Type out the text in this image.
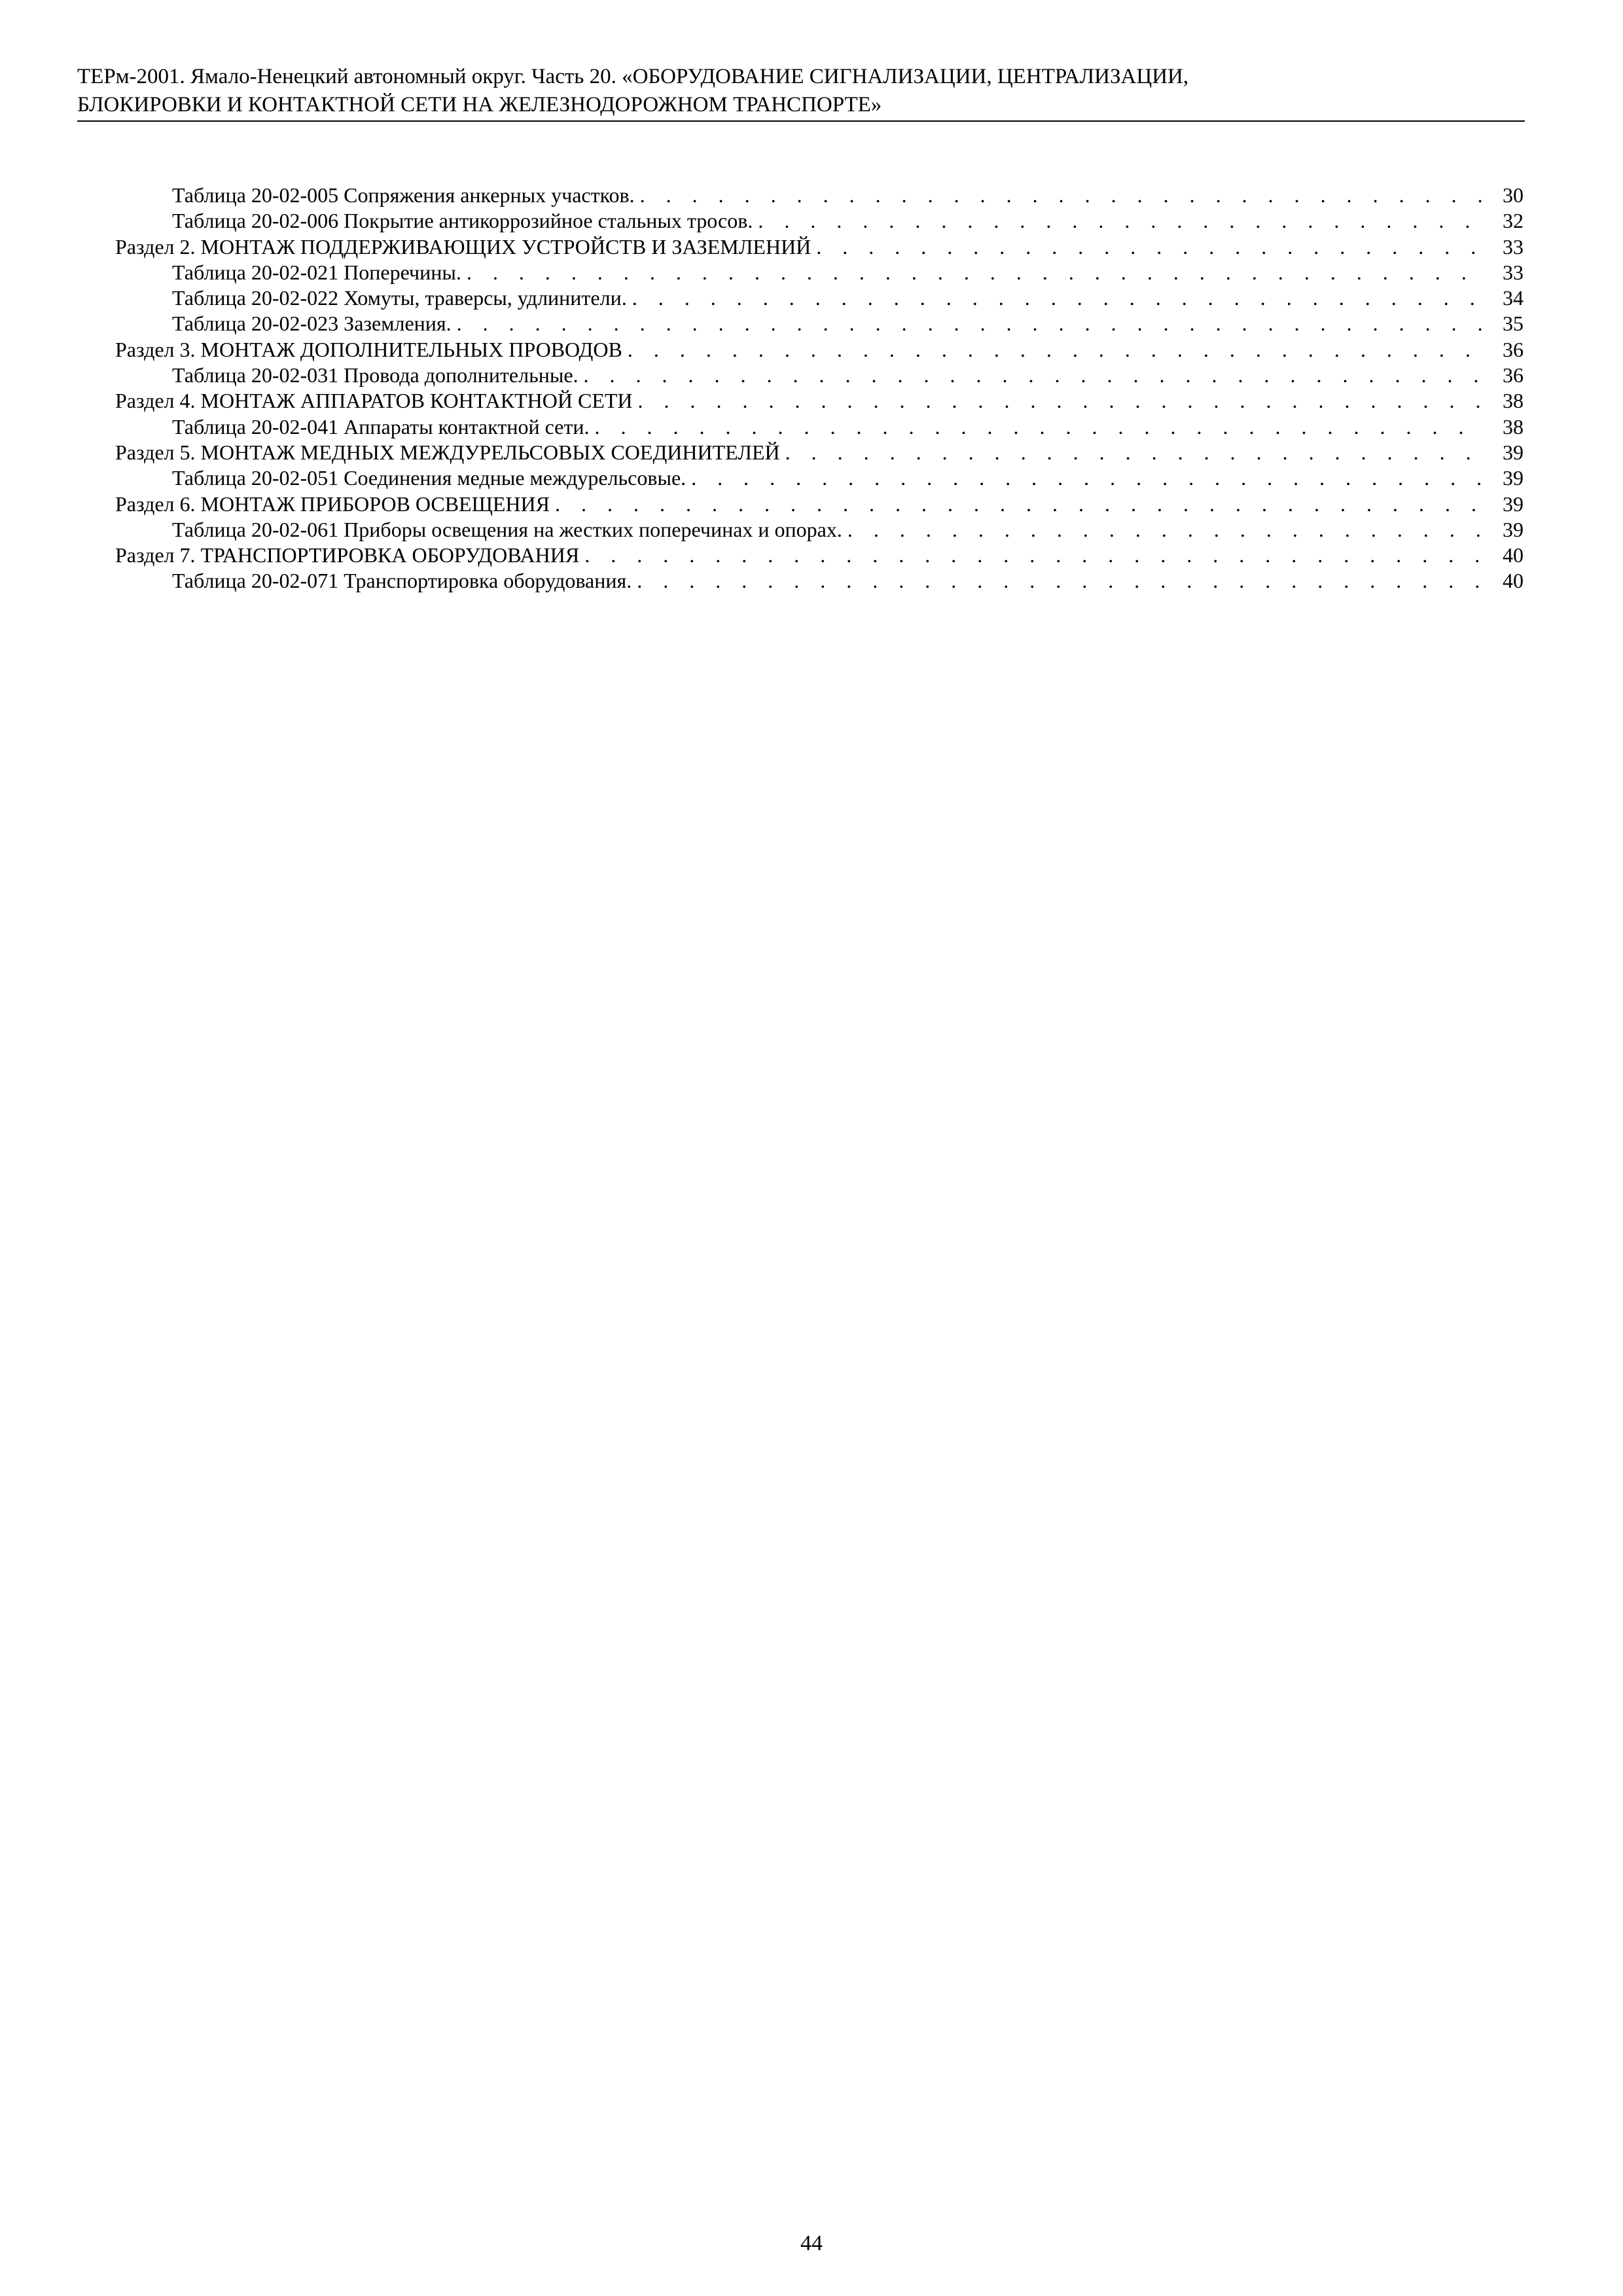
ТЕРм-2001. Ямало-Ненецкий автономный округ. Часть 20. «ОБОРУДОВАНИЕ СИГНАЛИЗАЦИИ, ЦЕНТРАЛИЗАЦИИ,
БЛОКИРОВКИ И КОНТАКТНОЙ СЕТИ НА ЖЕЛЕЗНОДОРОЖНОМ ТРАНСПОРТЕ»
Таблица 20-02-005 Сопряжения анкерных участков. . . .	30
Таблица 20-02-006 Покрытие антикоррозийное стальных тросов. . . .	32
Раздел 2. МОНТАЖ ПОДДЕРЖИВАЮЩИХ УСТРОЙСТВ И ЗАЗЕМЛЕНИЙ . . .	33
Таблица 20-02-021 Поперечины. . . .	33
Таблица 20-02-022 Хомуты, траверсы, удлинители. . . .	34
Таблица 20-02-023 Заземления. . . .	35
Раздел 3. МОНТАЖ ДОПОЛНИТЕЛЬНЫХ ПРОВОДОВ . . .	36
Таблица 20-02-031 Провода дополнительные. . . .	36
Раздел 4. МОНТАЖ АППАРАТОВ КОНТАКТНОЙ СЕТИ . . .	38
Таблица 20-02-041 Аппараты контактной сети. . . .	38
Раздел 5. МОНТАЖ МЕДНЫХ МЕЖДУРЕЛЬСОВЫХ СОЕДИНИТЕЛЕЙ . . .	39
Таблица 20-02-051 Соединения медные междурельсовые. . . .	39
Раздел 6. МОНТАЖ ПРИБОРОВ ОСВЕЩЕНИЯ . . .	39
Таблица 20-02-061 Приборы освещения на жестких поперечинах и опорах. . . .	39
Раздел 7. ТРАНСПОРТИРОВКА ОБОРУДОВАНИЯ . . .	40
Таблица 20-02-071 Транспортировка оборудования. . . .	40
44
